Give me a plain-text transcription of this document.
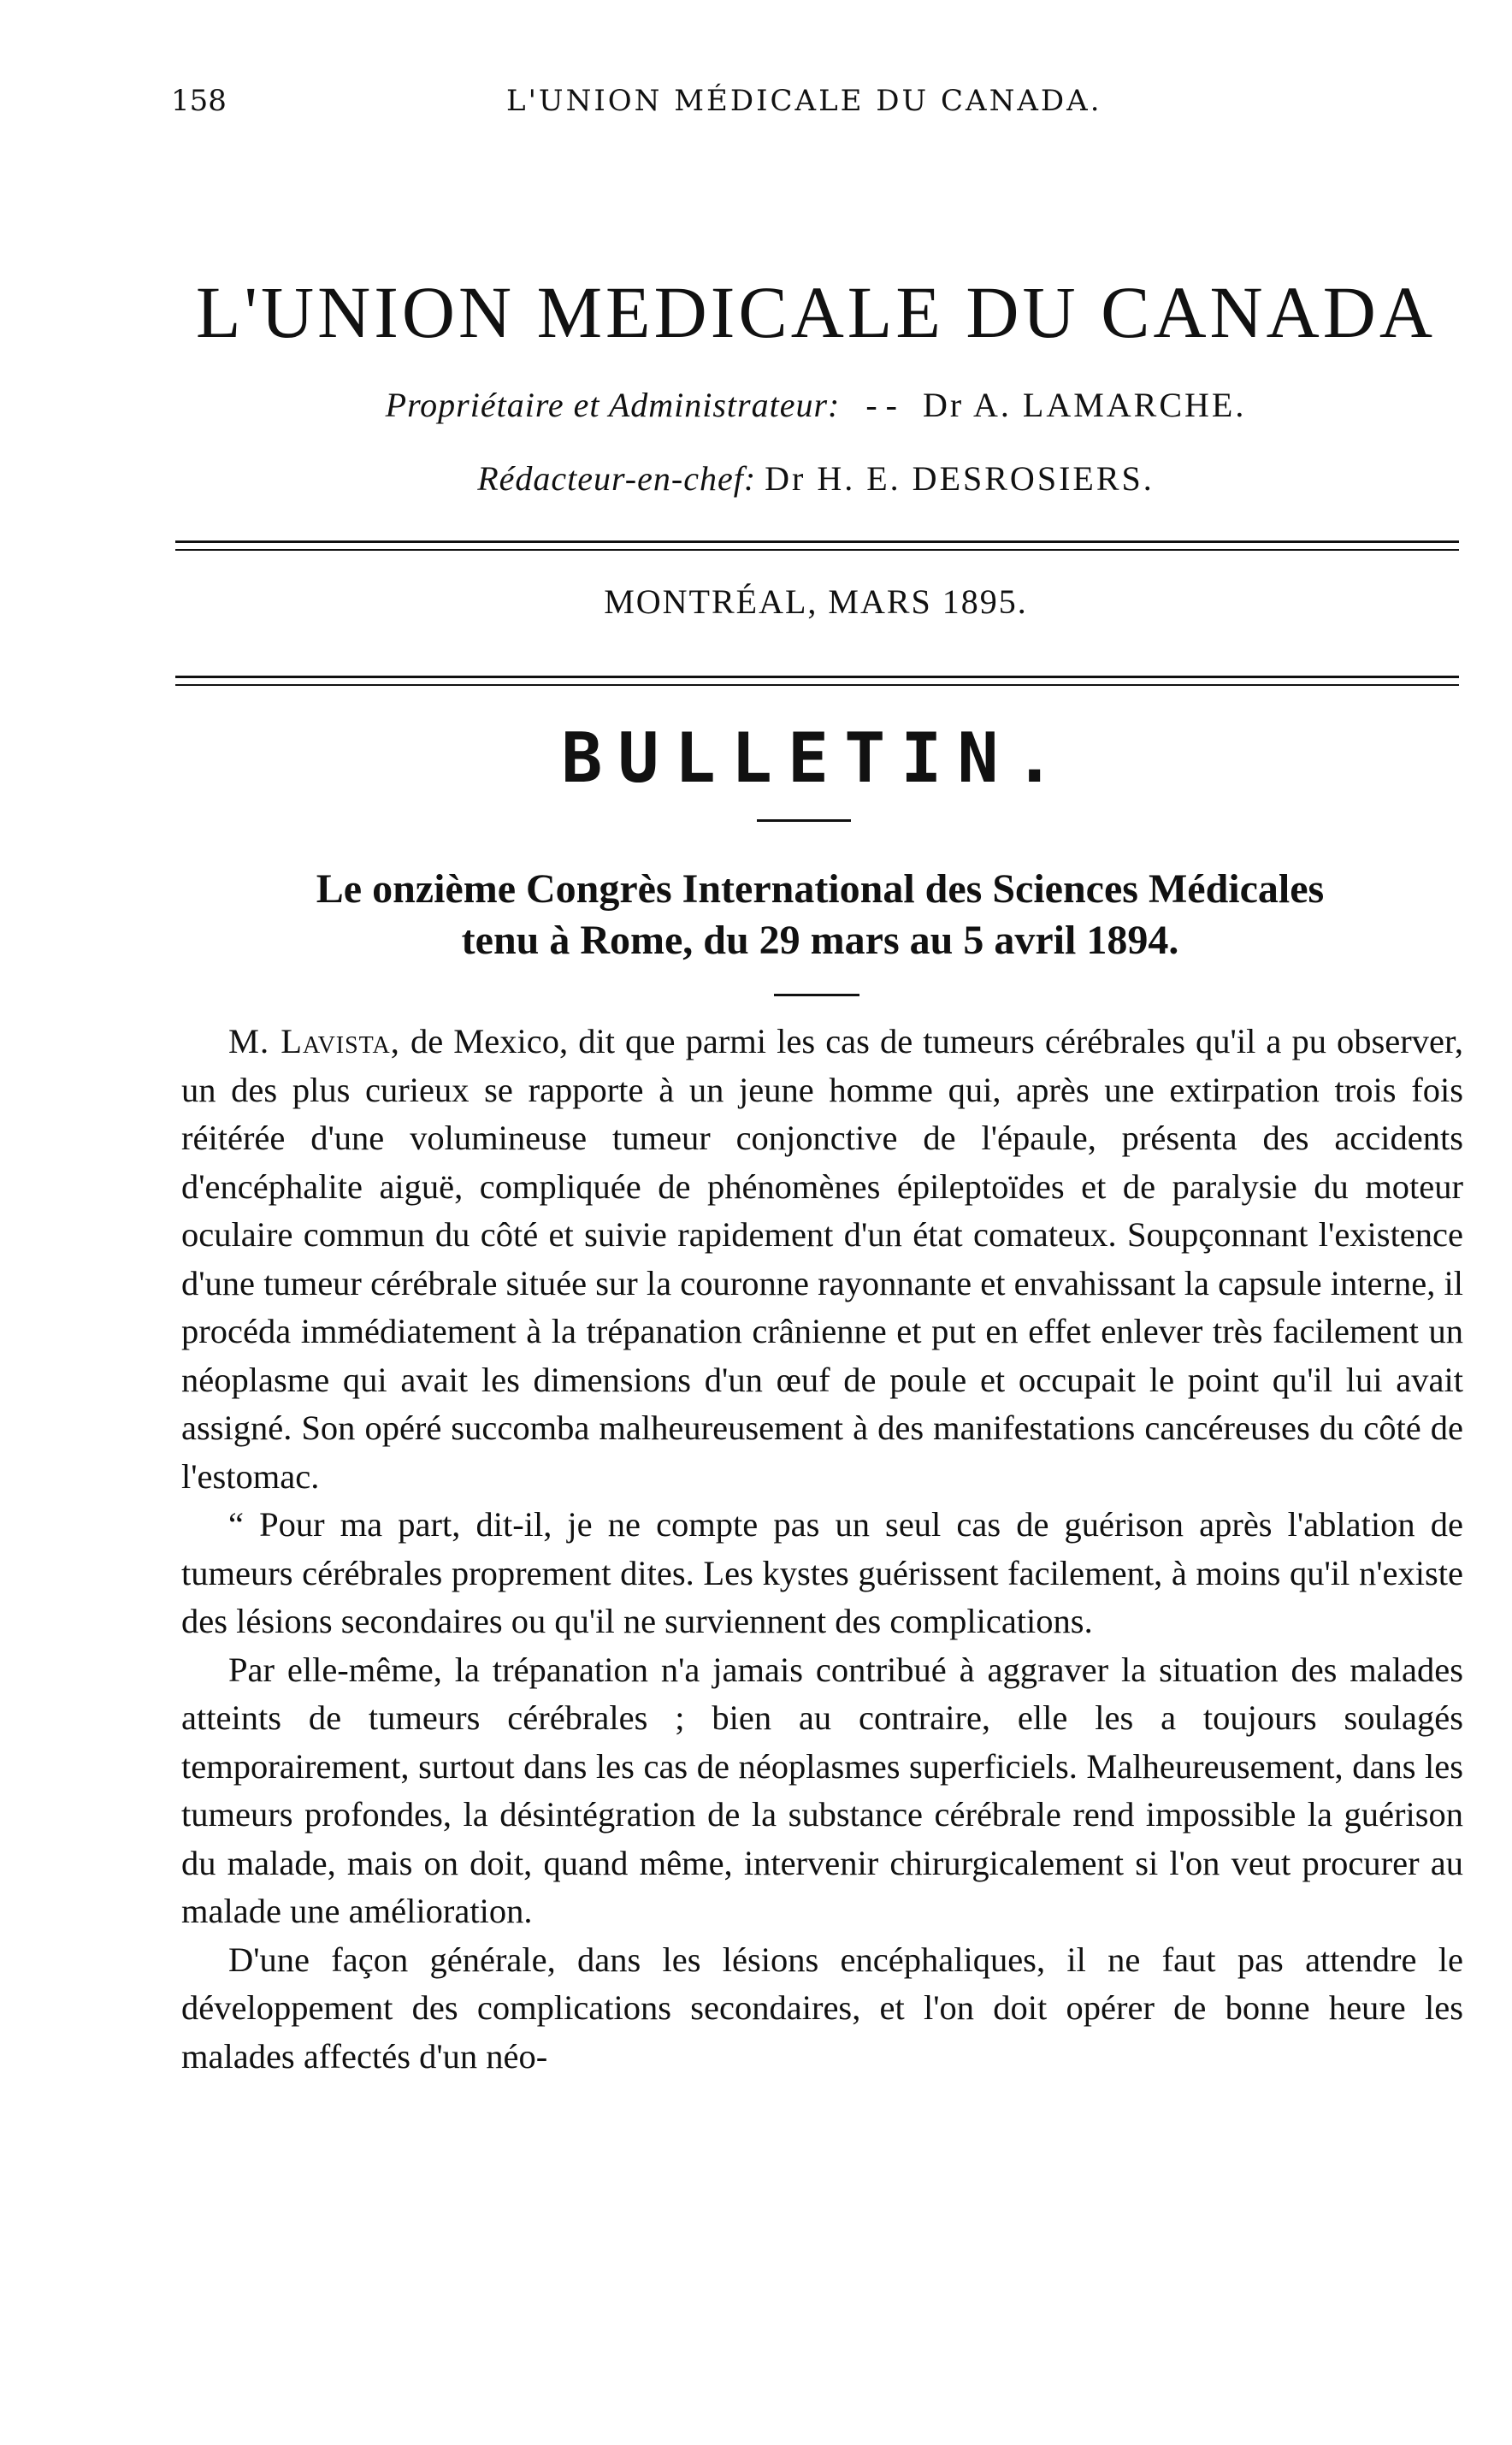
158	L'UNION MÉDICALE DU CANADA.
L'UNION MEDICALE DU CANADA
Propriétaire et Administrateur: - - Dr A. LAMARCHE.
Rédacteur-en-chef: Dr H. E. DESROSIERS.
MONTRÉAL, MARS 1895.
BULLETIN.
Le onzième Congrès International des Sciences Médicales
tenu à Rome, du 29 mars au 5 avril 1894.

M. Lavista, de Mexico, dit que parmi les cas de tumeurs cérébrales qu'il a pu observer, un des plus curieux se rapporte à un jeune homme qui, après une extirpation trois fois réitérée d'une volumineuse tumeur conjonctive de l'épaule, présenta des accidents d'encéphalite aiguë, compliquée de phénomènes épileptoïdes et de paralysie du moteur oculaire commun du côté et suivie rapidement d'un état comateux. Soupçonnant l'existence d'une tumeur cérébrale située sur la couronne rayonnante et envahissant la capsule interne, il procéda immédiatement à la trépanation crânienne et put en effet enlever très facilement un néoplasme qui avait les dimensions d'un œuf de poule et occupait le point qu'il lui avait assigné. Son opéré succomba malheureusement à des manifestations cancéreuses du côté de l'estomac.

“ Pour ma part, dit-il, je ne compte pas un seul cas de guérison après l'ablation de tumeurs cérébrales proprement dites. Les kystes guérissent facilement, à moins qu'il n'existe des lésions secondaires ou qu'il ne surviennent des complications.

Par elle-même, la trépanation n'a jamais contribué à aggraver la situation des malades atteints de tumeurs cérébrales ; bien au contraire, elle les a toujours soulagés temporairement, surtout dans les cas de néoplasmes superficiels. Malheureusement, dans les tumeurs profondes, la désintégration de la substance cérébrale rend impossible la guérison du malade, mais on doit, quand même, intervenir chirurgicalement si l'on veut procurer au malade une amélioration.

D'une façon générale, dans les lésions encéphaliques, il ne faut pas attendre le développement des complications secondaires, et l'on doit opérer de bonne heure les malades affectés d'un néo-
